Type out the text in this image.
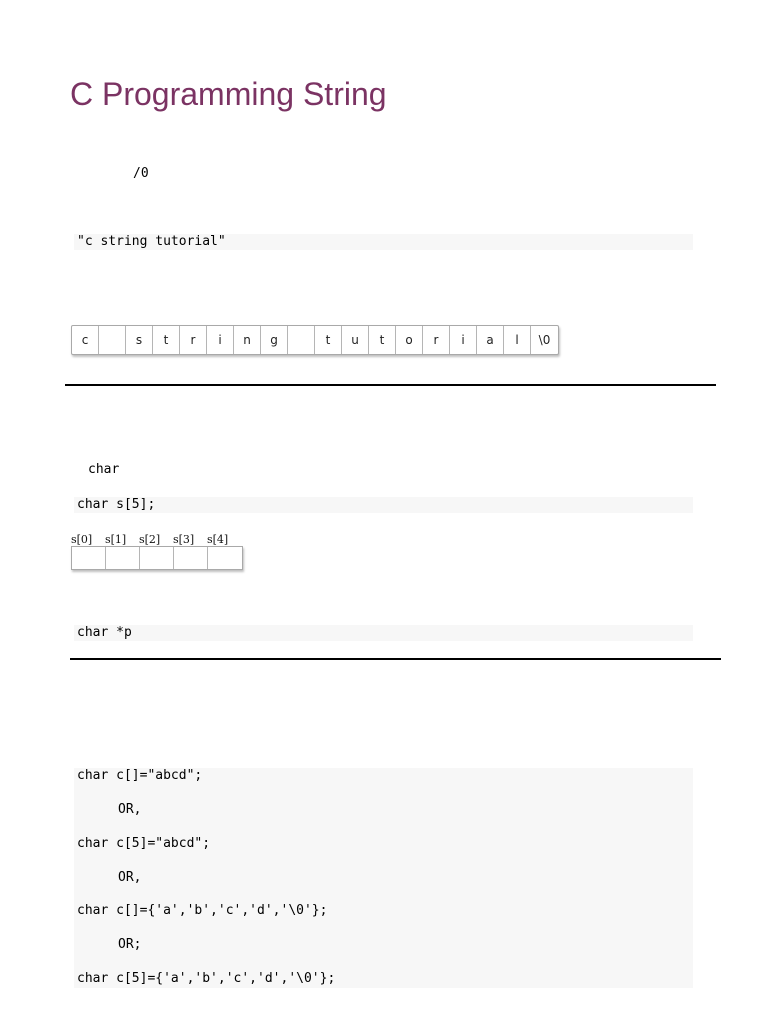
C Programming String
/0
"c string tutorial"
c	s	t	r	i	n	g	t	u	t	o	r	i	a	l	\0
char
char s[5];
s[0]	s[1]	s[2]	s[3]	s[4]
char *p
char c[]="abcd";
OR,
char c[5]="abcd";
OR,
char c[]={'a','b','c','d','\0'};
OR;
char c[5]={'a','b','c','d','\0'};
